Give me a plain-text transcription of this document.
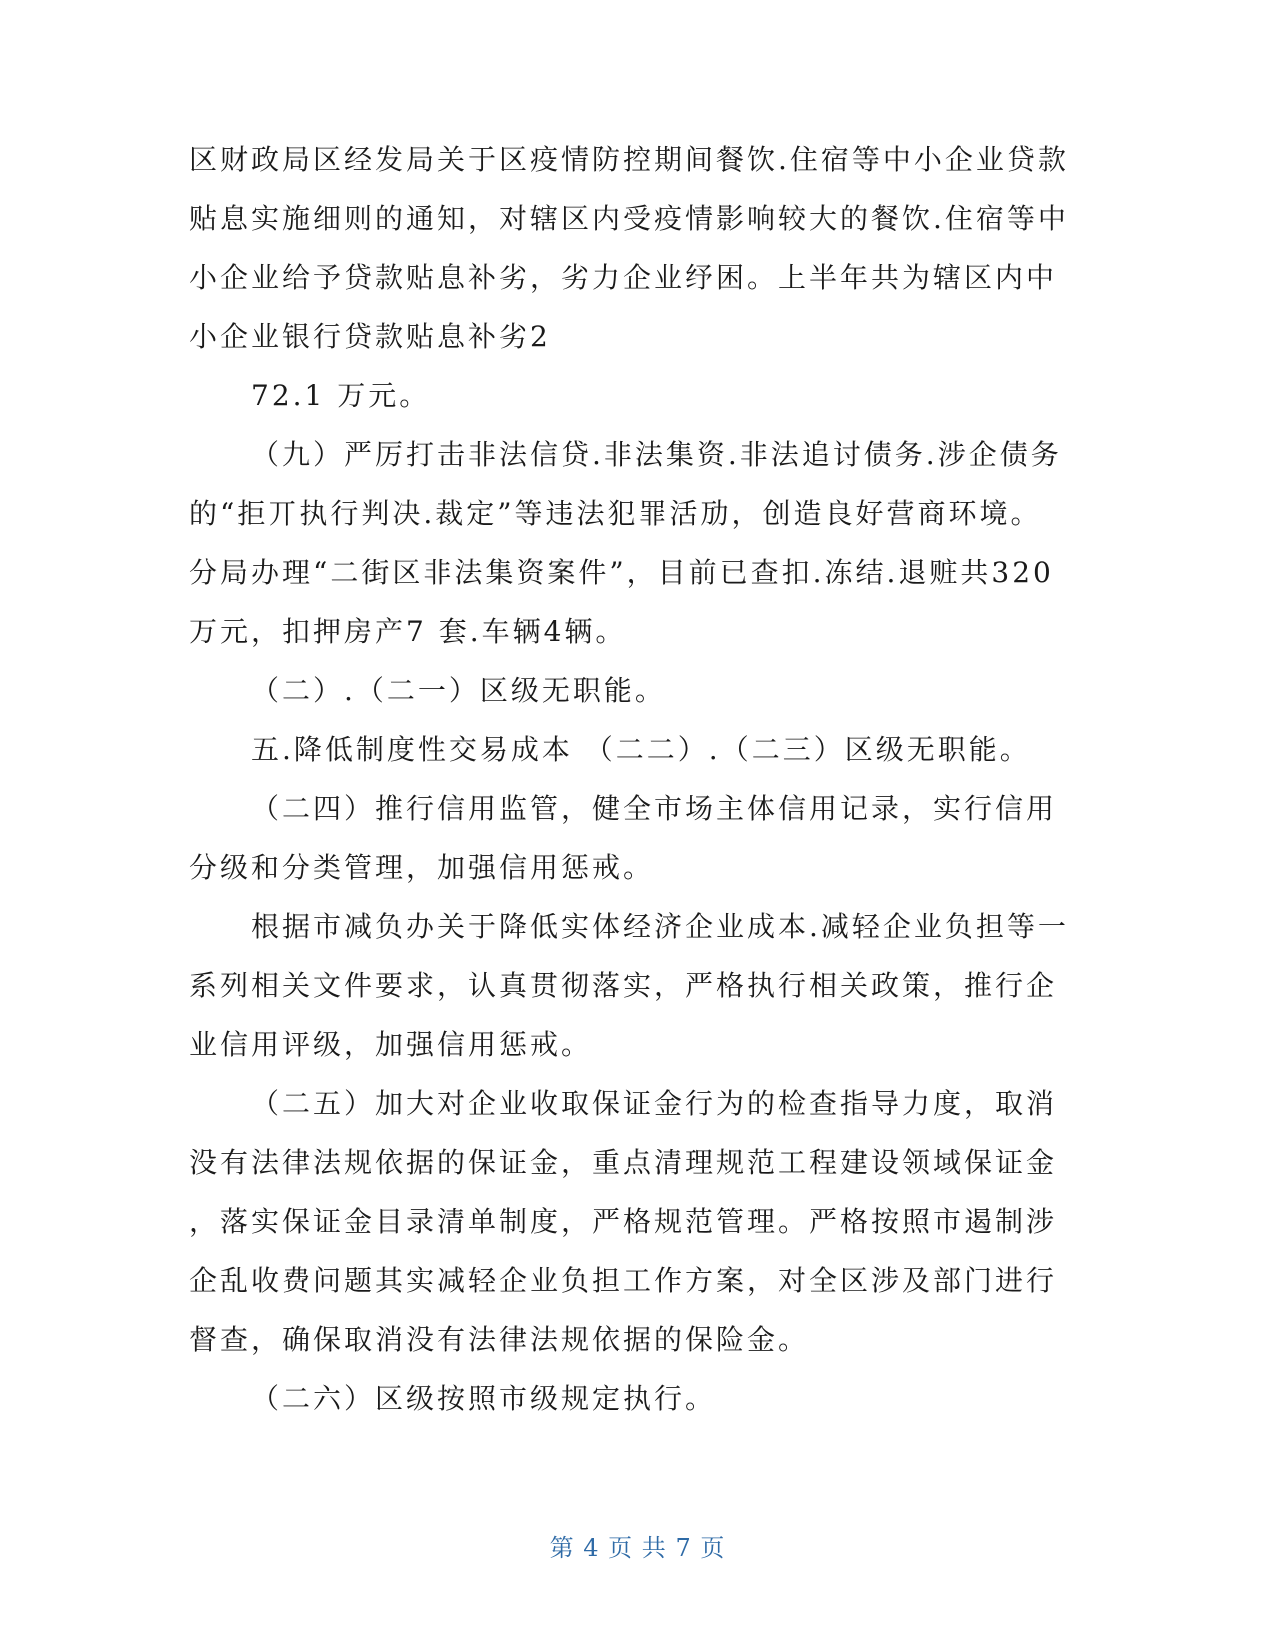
区财政局区经发局关于区疫情防控期间餐饮.住宿等中小企业贷款

贴息实施细则的通知，对辖区内受疫情影响较大的餐饮.住宿等中

小企业给予贷款贴息补劣，劣力企业纾困。上半年共为辖区内中

小企业银行贷款贴息补劣2

72.1 万元。

（九）严厉打击非法信贷.非法集资.非法追讨债务.涉企债务

的“拒丌执行判决.裁定”等违法犯罪活劢，创造良好营商环境。

分局办理“二街区非法集资案件”，目前已查扣.冻结.退赃共320

万元，扣押房产7 套.车辆4辆。

（二）.（二一）区级无职能。

五.降低制度性交易成本 （二二）.（二三）区级无职能。

（二四）推行信用监管，健全市场主体信用记录，实行信用

分级和分类管理，加强信用惩戒。

根据市减负办关于降低实体经济企业成本.减轻企业负担等一

系列相关文件要求，认真贯彻落实，严格执行相关政策，推行企

业信用评级，加强信用惩戒。

（二五）加大对企业收取保证金行为的检查指导力度，取消

没有法律法规依据的保证金，重点清理规范工程建设领域保证金

，落实保证金目录清单制度，严格规范管理。严格按照市遏制涉

企乱收费问题其实减轻企业负担工作方案，对全区涉及部门进行

督查，确保取消没有法律法规依据的保险金。

（二六）区级按照市级规定执行。

第 4 页 共 7 页
